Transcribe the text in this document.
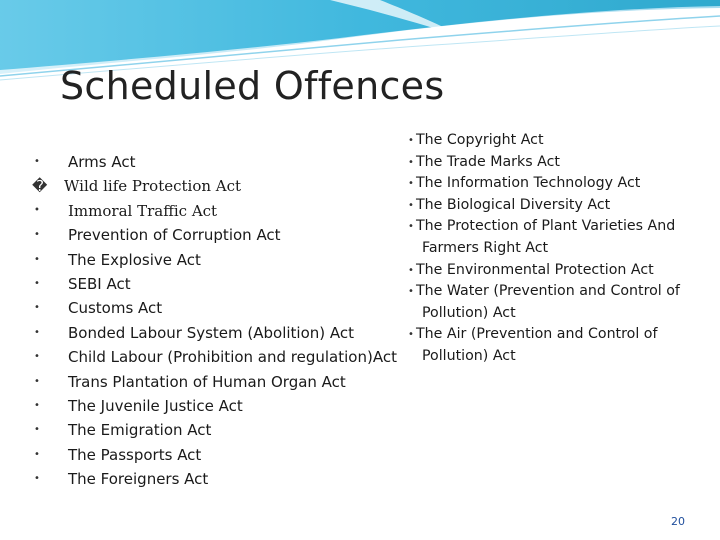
Scheduled Offences
•	Arms Act
�	Wild life Protection Act
•	Immoral Traffic Act
•	Prevention of Corruption Act
•	The Explosive Act
•	SEBI Act
•	Customs Act
•	Bonded Labour System (Abolition) Act
•	Child Labour (Prohibition and regulation)Act
•	Trans Plantation of Human Organ Act
•	The Juvenile Justice Act
•	The Emigration Act
•	The Passports Act
•	The Foreigners Act
• The Copyright Act
• The Trade Marks Act
• The Information Technology Act
• The Biological Diversity Act
• The Protection of Plant Varieties And
Farmers Right Act
• The Environmental Protection Act
• The Water (Prevention and Control of
Pollution) Act
• The Air (Prevention and Control of
Pollution) Act
20
